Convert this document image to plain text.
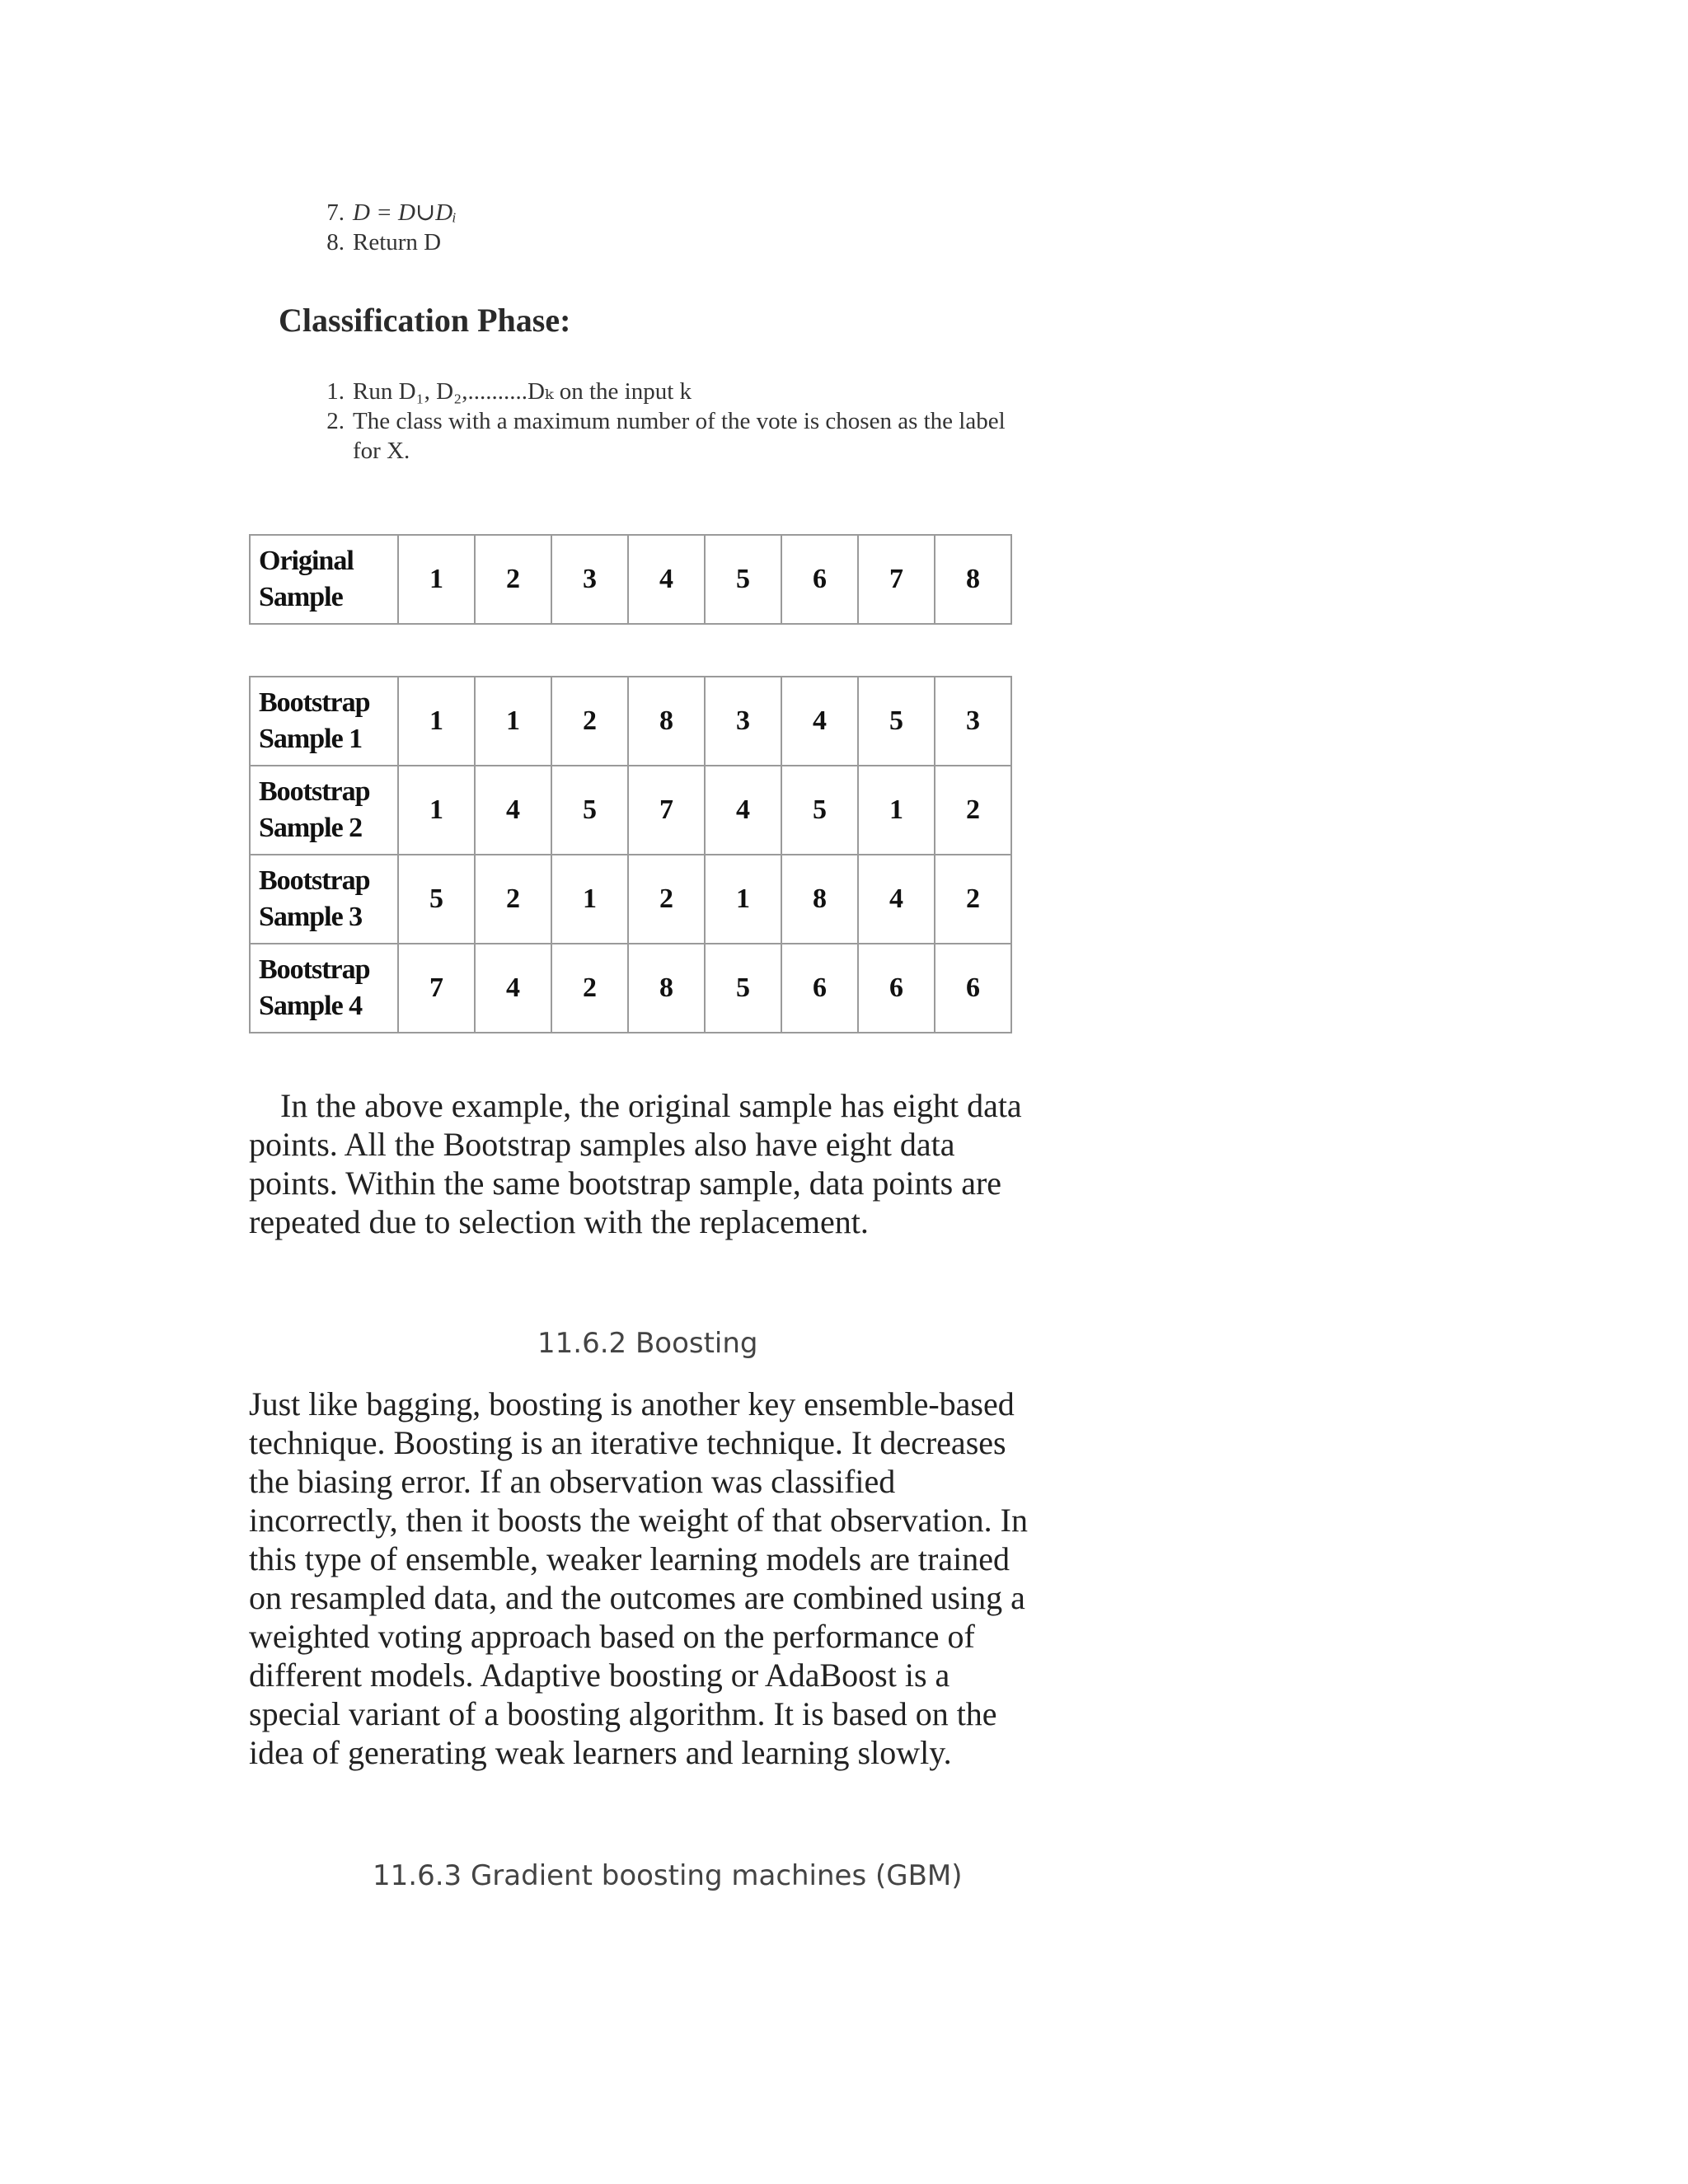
7. D = D∪Dᵢ
8. Return D
Classification Phase:
1. Run D₁, D₂,..........Dₖ on the input k
2. The class with a maximum number of the vote is chosen as the label for X.
Original
Sample
	1	2	3	4	5	6	7	8
Bootstrap
Sample 1	1	1	2	8	3	4	5	3

Bootstrap
Sample 2	1	4	5	7	4	5	1	2

Bootstrap
Sample 3	5	2	1	2	1	8	4	2

Bootstrap
Sample 4	7	4	2	8	5	6	6	6
In the above example, the original sample has eight data points. All the Bootstrap samples also have eight data points. Within the same bootstrap sample, data points are repeated due to selection with the replacement.
11.6.2 Boosting
Just like bagging, boosting is another key ensemble-based technique. Boosting is an iterative technique. It decreases the biasing error. If an observation was classified incorrectly, then it boosts the weight of that observation. In this type of ensemble, weaker learning models are trained on resampled data, and the outcomes are combined using a weighted voting approach based on the performance of different models. Adaptive boosting or AdaBoost is a special variant of a boosting algorithm. It is based on the idea of generating weak learners and learning slowly.
11.6.3 Gradient boosting machines (GBM)
